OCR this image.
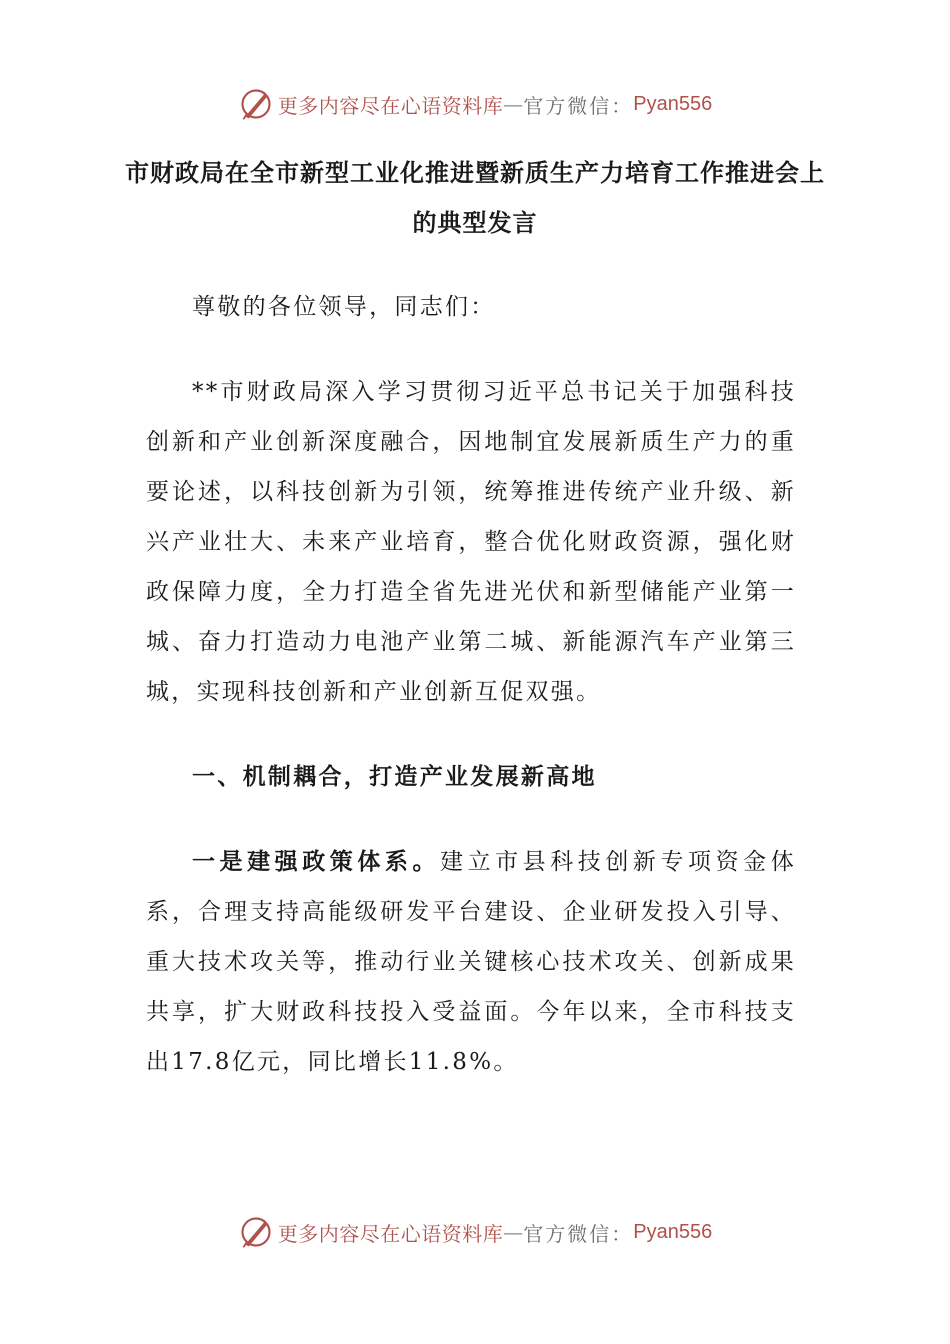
更多内容尽在心语资料库 — 官方微信： Pyan556
市财政局在全市新型工业化推进暨新质生产力培育工作推进会上的典型发言

尊敬的各位领导，同志们：

**市财政局深入学习贯彻习近平总书记关于加强科技创新和产业创新深度融合，因地制宜发展新质生产力的重要论述，以科技创新为引领，统筹推进传统产业升级、新兴产业壮大、未来产业培育，整合优化财政资源，强化财政保障力度，全力打造全省先进光伏和新型储能产业第一城、奋力打造动力电池产业第二城、新能源汽车产业第三城，实现科技创新和产业创新互促双强。

一、机制耦合，打造产业发展新高地

一是建强政策体系。建立市县科技创新专项资金体系，合理支持高能级研发平台建设、企业研发投入引导、重大技术攻关等，推动行业关键核心技术攻关、创新成果共享，扩大财政科技投入受益面。今年以来，全市科技支出17.8亿元，同比增长11.8%。

更多内容尽在心语资料库 — 官方微信： Pyan556
